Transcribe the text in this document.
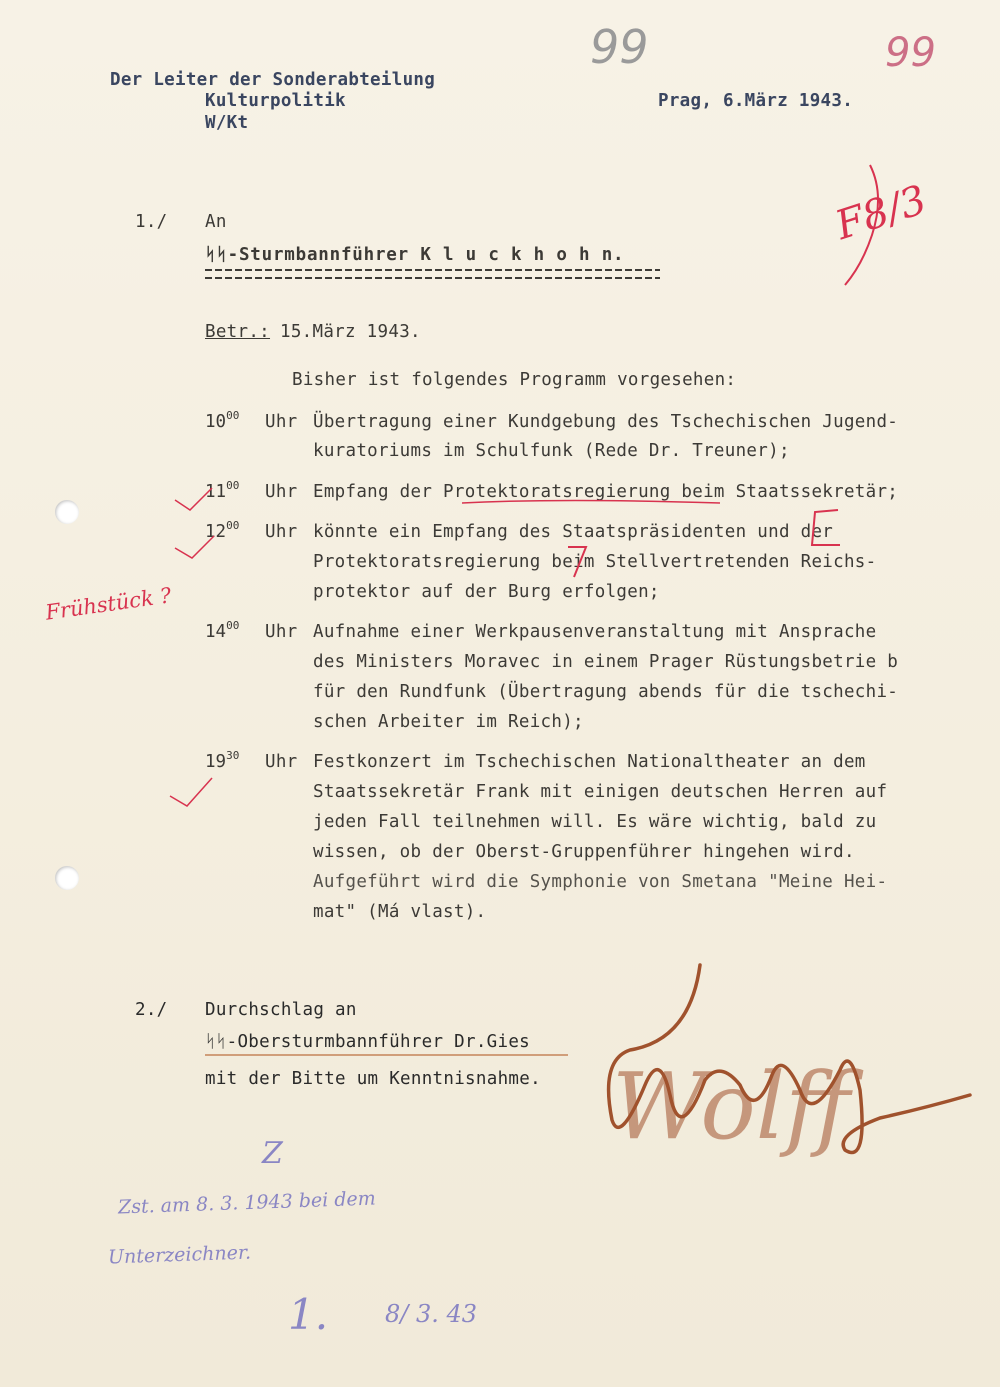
99	99
Der Leiter der Sonderabteilung
Kulturpolitik
W/Kt
Prag, 6.März 1943.
1./ An
ᛋᛋ-Sturmbannführer K l u c k h o h n.
Betr.: 15.März 1943.
Bisher ist folgendes Programm vorgesehen:
$10^{00}$ Uhr Übertragung einer Kundgebung des Tschechischen Jugend-
kuratoriums im Schulfunk (Rede Dr. Treuner);
$11^{00}$ Uhr Empfang der Protektoratsregierung beim Staatssekretär;
$12^{00}$ Uhr könnte ein Empfang des Staatspräsidenten und der
Protektoratsregierung beim Stellvertretenden Reichs-
protektor auf der Burg erfolgen;
$14^{00}$ Uhr Aufnahme einer Werkpausenveranstaltung mit Ansprache
des Ministers Moravec in einem Prager Rüstungsbetrie b
für den Rundfunk (Übertragung abends für die tschechi-
schen Arbeiter im Reich);
$19^{30}$ Uhr Festkonzert im Tschechischen Nationaltheater an dem
Staatssekretär Frank mit einigen deutschen Herren auf
jeden Fall teilnehmen will. Es wäre wichtig, bald zu
wissen, ob der Oberst-Gruppenführer hingehen wird.
Aufgeführt wird die Symphonie von Smetana "Meine Hei-
mat" (Má vlast).
2./ Durchschlag an
ᛋᛋ-Obersturmbannführer Dr.Gies
mit der Bitte um Kenntnisnahme.
Frühstück ?
F8/3
Z
Zst. am 8. 3. 1943 bei dem
Unterzeichner.
1. 8/ 3. 43
Wolff
